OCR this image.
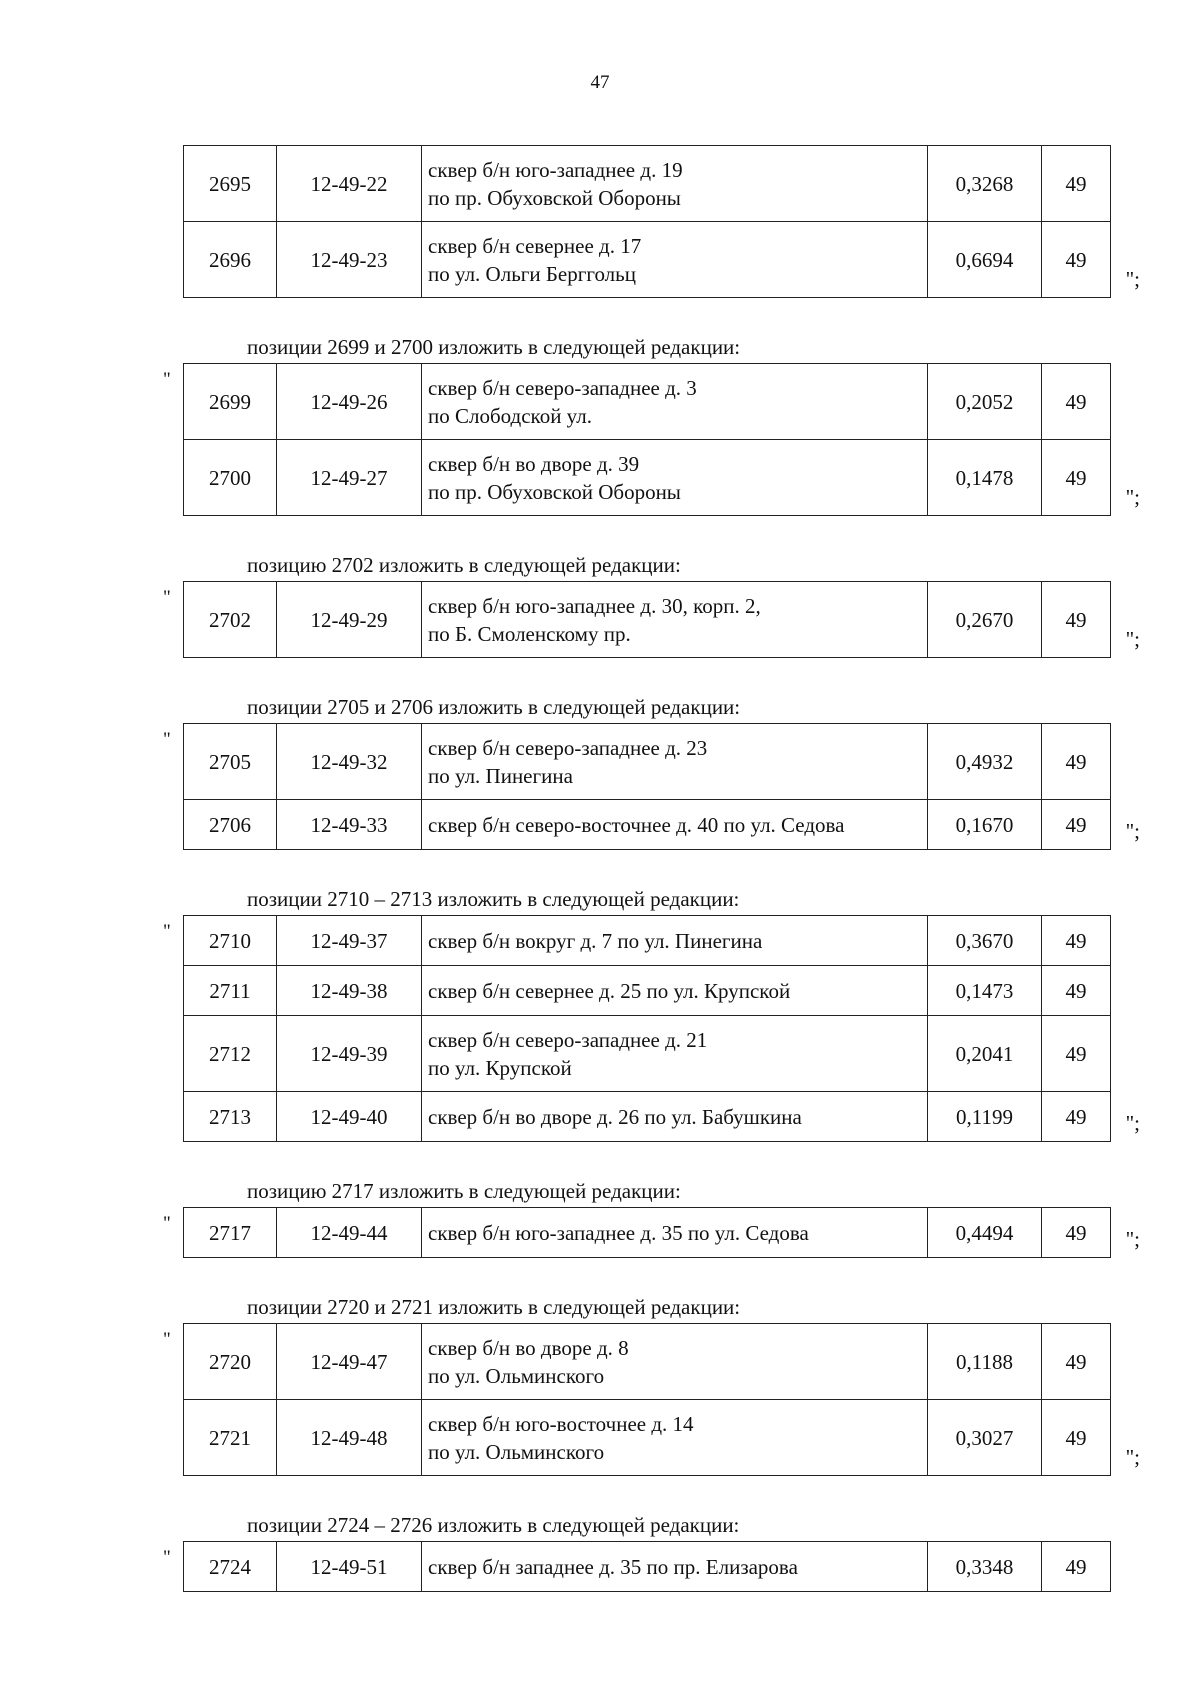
47
2695	12-49-22	сквер б/н юго-западнее д. 19
по пр. Обуховской Обороны	0,3268	49
2696	12-49-23	сквер б/н севернее д. 17
по ул. Ольги Берггольц	0,6694	49
";
позиции 2699 и 2700 изложить в следующей редакции:
"
2699	12-49-26	сквер б/н северо-западнее д. 3
по Слободской ул.	0,2052	49
2700	12-49-27	сквер б/н во дворе д. 39
по пр. Обуховской Обороны	0,1478	49
";
позицию 2702 изложить в следующей редакции:
"
2702	12-49-29	
сквер б/н юго-западнее д. 30, корп. 2,
по Б. Смоленскому пр.
	0,2670	49
";
позиции 2705 и 2706 изложить в следующей редакции:
"
2705	12-49-32	сквер б/н северо-западнее д. 23
по ул. Пинегина	0,4932	49
2706	12-49-33	сквер б/н северо-восточнее д. 40 по ул. Седова	0,1670	49 ";
позиции 2710 – 2713 изложить в следующей редакции:
" 2710	12-49-37	сквер б/н вокруг д. 7 по ул. Пинегина	0,3670	49
2711	12-49-38	сквер б/н севернее д. 25 по ул. Крупской	0,1473	49
2712	12-49-39	сквер б/н северо-западнее д. 21
по ул. Крупской	0,2041	49
2713	12-49-40	сквер б/н во дворе д. 26 по ул. Бабушкина	0,1199	49 ";
позицию 2717 изложить в следующей редакции:
" 2717	12-49-44	сквер б/н юго-западнее д. 35 по ул. Седова	0,4494	49 ";
позиции 2720 и 2721 изложить в следующей редакции:
"
2720	12-49-47	сквер б/н во дворе д. 8
по ул. Ольминского	0,1188	49
2721	12-49-48	сквер б/н юго-восточнее д. 14
по ул. Ольминского	0,3027	49
";
позиции 2724 – 2726 изложить в следующей редакции:
" 2724	12-49-51	сквер б/н западнее д. 35 по пр. Елизарова	0,3348	49
